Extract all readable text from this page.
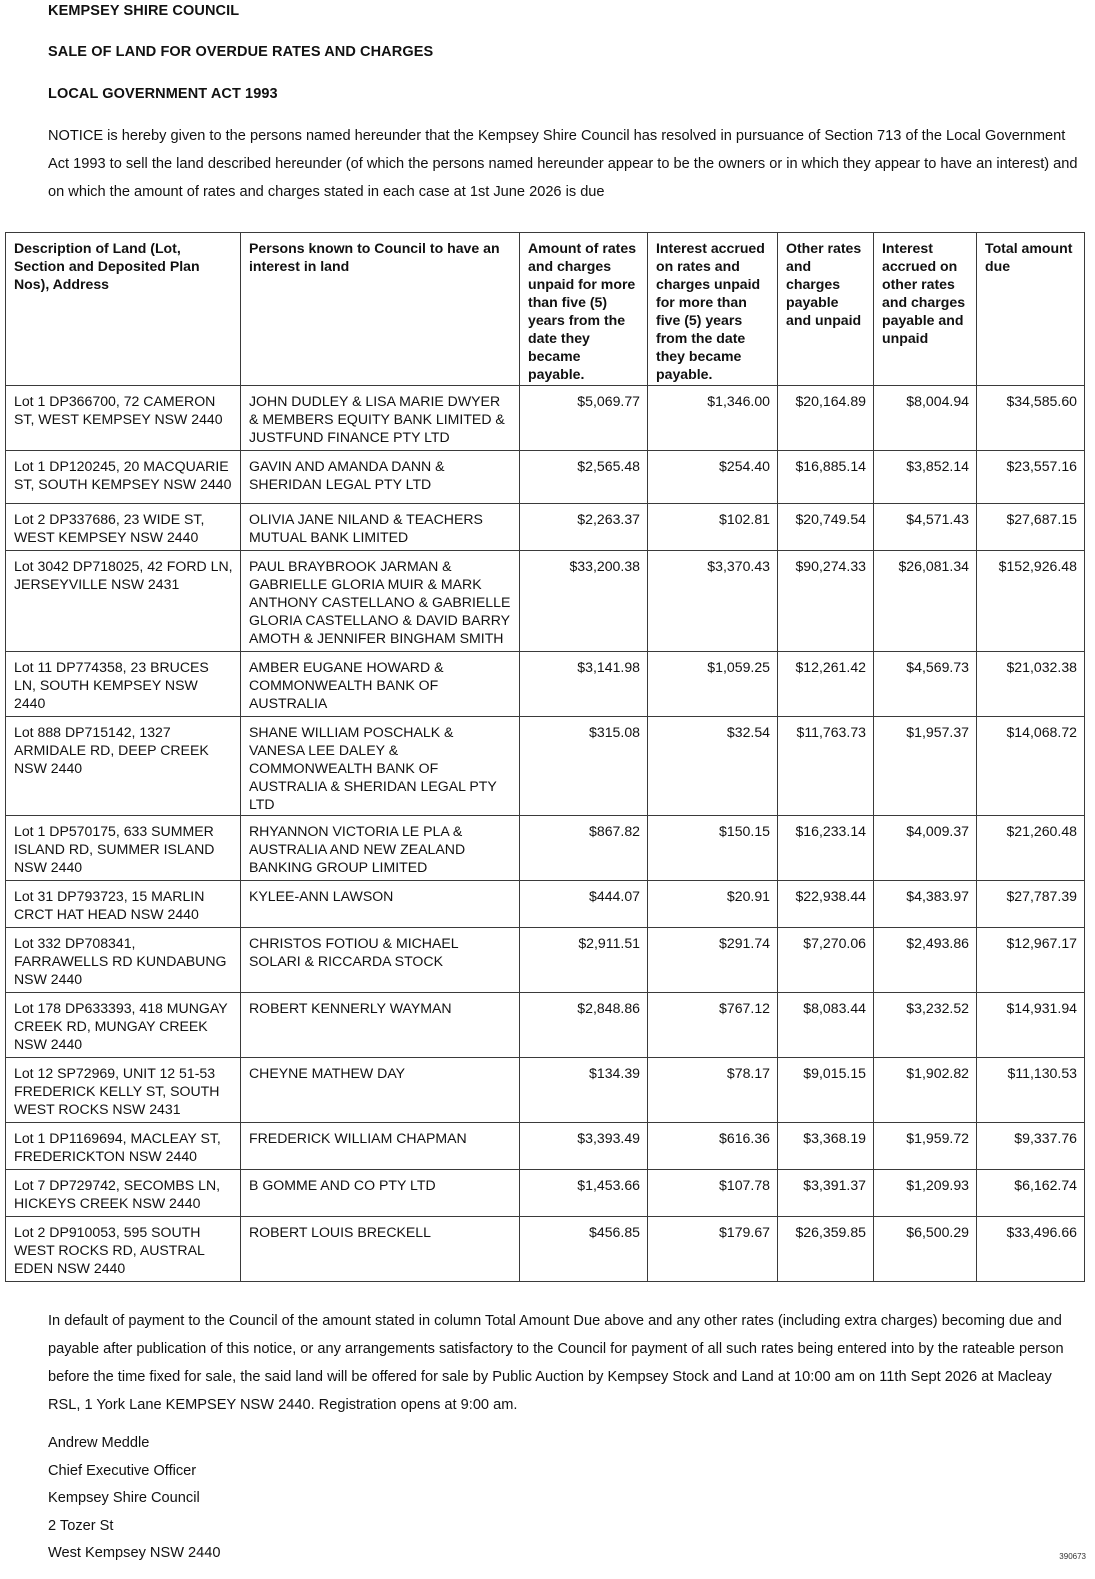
KEMPSEY SHIRE COUNCIL

SALE OF LAND FOR OVERDUE RATES AND CHARGES

LOCAL GOVERNMENT ACT 1993

NOTICE is hereby given to the persons named hereunder that the Kempsey Shire Council has resolved in pursuance of Section 713 of the Local Government Act 1993 to sell the land described hereunder (of which the persons named hereunder appear to be the owners or in which they appear to have an interest) and on which the amount of rates and charges stated in each case at 1st June 2026 is due

Description of Land (Lot, Section and Deposited Plan Nos), Address	Persons known to Council to have an interest in land	Amount of rates and charges unpaid for more than five (5) years from the date they became payable.	Interest accrued on rates and charges unpaid for more than five (5) years from the date they became payable.	Other rates and charges payable and unpaid	Interest accrued on other rates and charges payable and unpaid	Total amount due
Lot 1 DP366700, 72 CAMERON ST, WEST KEMPSEY NSW 2440	JOHN DUDLEY & LISA MARIE DWYER & MEMBERS EQUITY BANK LIMITED & JUSTFUND FINANCE PTY LTD	$5,069.77	$1,346.00	$20,164.89	$8,004.94	$34,585.60
Lot 1 DP120245, 20 MACQUARIE ST, SOUTH KEMPSEY NSW 2440	GAVIN AND AMANDA DANN & SHERIDAN LEGAL PTY LTD	$2,565.48	$254.40	$16,885.14	$3,852.14	$23,557.16
Lot 2 DP337686, 23 WIDE ST, WEST KEMPSEY NSW 2440	OLIVIA JANE NILAND & TEACHERS MUTUAL BANK LIMITED	$2,263.37	$102.81	$20,749.54	$4,571.43	$27,687.15
Lot 3042 DP718025, 42 FORD LN, JERSEYVILLE NSW 2431	PAUL BRAYBROOK JARMAN & GABRIELLE GLORIA MUIR & MARK ANTHONY CASTELLANO & GABRIELLE GLORIA CASTELLANO & DAVID BARRY AMOTH & JENNIFER BINGHAM SMITH	$33,200.38	$3,370.43	$90,274.33	$26,081.34	$152,926.48
Lot 11 DP774358, 23 BRUCES LN, SOUTH KEMPSEY NSW 2440	AMBER EUGANE HOWARD & COMMONWEALTH BANK OF AUSTRALIA	$3,141.98	$1,059.25	$12,261.42	$4,569.73	$21,032.38
Lot 888 DP715142, 1327 ARMIDALE RD, DEEP CREEK NSW 2440	SHANE WILLIAM POSCHALK & VANESA LEE DALEY & COMMONWEALTH BANK OF AUSTRALIA & SHERIDAN LEGAL PTY LTD	$315.08	$32.54	$11,763.73	$1,957.37	$14,068.72
Lot 1 DP570175, 633 SUMMER ISLAND RD, SUMMER ISLAND NSW 2440	RHYANNON VICTORIA LE PLA & AUSTRALIA AND NEW ZEALAND BANKING GROUP LIMITED	$867.82	$150.15	$16,233.14	$4,009.37	$21,260.48
Lot 31 DP793723, 15 MARLIN CRCT HAT HEAD NSW 2440	KYLEE-ANN LAWSON	$444.07	$20.91	$22,938.44	$4,383.97	$27,787.39
Lot 332 DP708341, FARRAWELLS RD KUNDABUNG NSW 2440	CHRISTOS FOTIOU & MICHAEL SOLARI & RICCARDA STOCK	$2,911.51	$291.74	$7,270.06	$2,493.86	$12,967.17
Lot 178 DP633393, 418 MUNGAY CREEK RD, MUNGAY CREEK NSW 2440	ROBERT KENNERLY WAYMAN	$2,848.86	$767.12	$8,083.44	$3,232.52	$14,931.94
Lot 12 SP72969, UNIT 12 51-53 FREDERICK KELLY ST, SOUTH WEST ROCKS NSW 2431	CHEYNE MATHEW DAY	$134.39	$78.17	$9,015.15	$1,902.82	$11,130.53
Lot 1 DP1169694, MACLEAY ST, FREDERICKTON NSW 2440	FREDERICK WILLIAM CHAPMAN	$3,393.49	$616.36	$3,368.19	$1,959.72	$9,337.76
Lot 7 DP729742, SECOMBS LN, HICKEYS CREEK NSW 2440	B GOMME AND CO PTY LTD	$1,453.66	$107.78	$3,391.37	$1,209.93	$6,162.74
Lot 2 DP910053, 595 SOUTH WEST ROCKS RD, AUSTRAL EDEN NSW 2440	ROBERT LOUIS BRECKELL	$456.85	$179.67	$26,359.85	$6,500.29	$33,496.66

In default of payment to the Council of the amount stated in column Total Amount Due above and any other rates (including extra charges) becoming due and payable after publication of this notice, or any arrangements satisfactory to the Council for payment of all such rates being entered into by the rateable person before the time fixed for sale, the said land will be offered for sale by Public Auction by Kempsey Stock and Land at 10:00 am on 11th Sept 2026 at Macleay RSL, 1 York Lane KEMPSEY NSW 2440. Registration opens at 9:00 am.

Andrew Meddle
Chief Executive Officer
Kempsey Shire Council
2 Tozer St
West Kempsey NSW 2440	390673
